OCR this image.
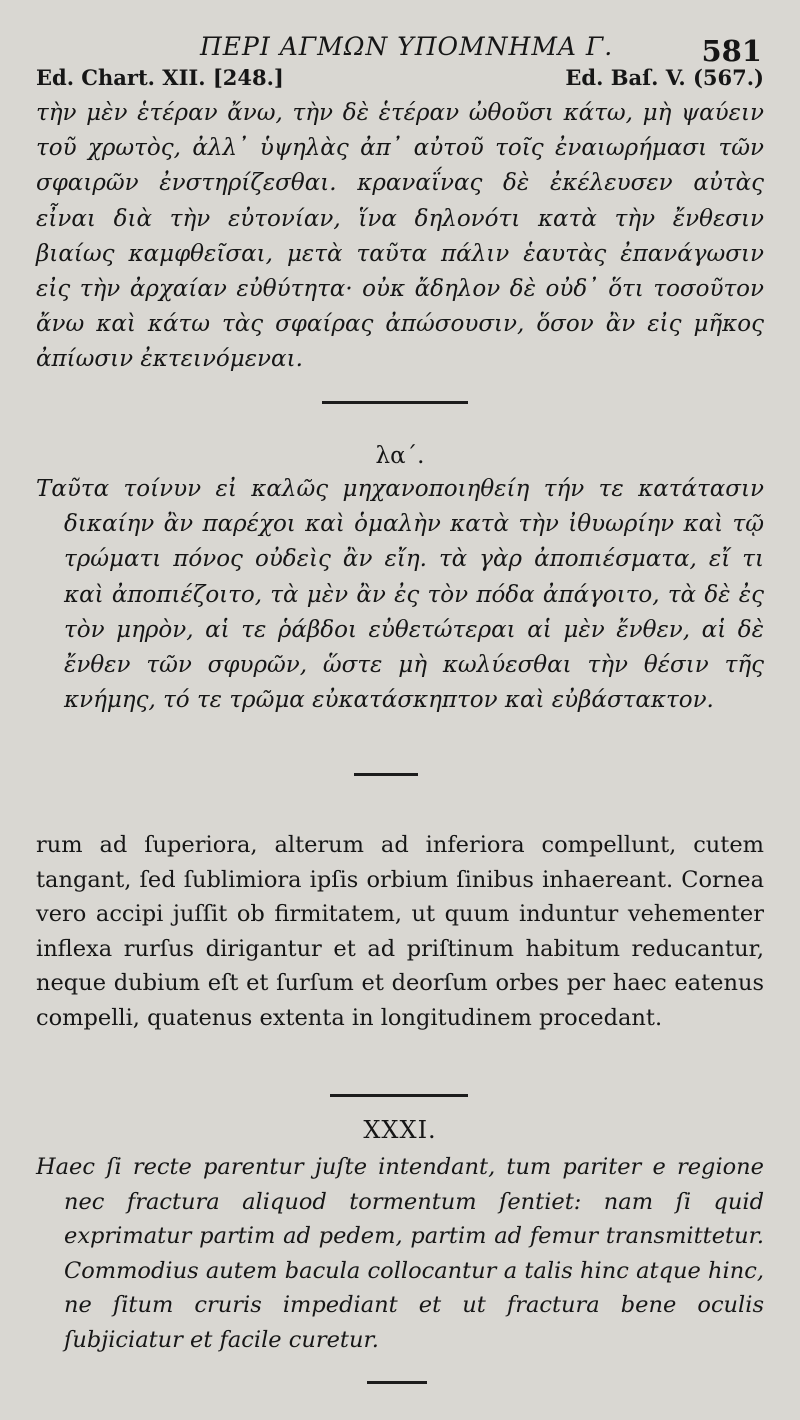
ΠΕΡΙ ΑΓΜΩΝ ΥΠΟΜΝΗΜΑ Γ.	581
Ed. Chart. XII. [248.]	Ed. Baſ. V. (567.)

τὴν μὲν ἑτέραν ἄνω, τὴν δὲ ἑτέραν ὠθοῦσι κάτω, μὴ ψαύειν τοῦ χρωτὸς, ἀλλ᾽ ὑψηλὰς ἀπ᾽ αὐτοῦ τοῖς ἐναιωρήμασι τῶν σφαιρῶν ἐνστηρίζεσθαι. κραναΐνας δὲ ἐκέλευσεν αὐτὰς εἶναι διὰ τὴν εὐτονίαν, ἵνα δηλονότι κατὰ τὴν ἔνθεσιν βιαίως καμφθεῖσαι, μετὰ ταῦτα πάλιν ἑαυτὰς ἐπανάγωσιν εἰς τὴν ἀρχαίαν εὐθύτητα· οὐκ ἄδηλον δὲ οὐδ᾽ ὅτι τοσοῦτον ἄνω καὶ κάτω τὰς σφαίρας ἀπώσουσιν, ὅσον ἂν εἰς μῆκος ἀπίωσιν ἐκτεινόμεναι.

λα΄.

Ταῦτα τοίνυν εἰ καλῶς μηχανοποιηθείη τήν τε κατάτασιν δικαίην ἂν παρέχοι καὶ ὁμαλὴν κατὰ τὴν ἰθυωρίην καὶ τῷ τρώματι πόνος οὐδεὶς ἂν εἴη. τὰ γὰρ ἀποπιέσματα, εἴ τι καὶ ἀποπιέζοιτο, τὰ μὲν ἂν ἐς τὸν πόδα ἀπάγοιτο, τὰ δὲ ἐς τὸν μηρὸν, αἱ τε ῥάβδοι εὐθετώτεραι αἱ μὲν ἔνθεν, αἱ δὲ ἔνθεν τῶν σφυρῶν, ὥστε μὴ κωλύεσθαι τὴν θέσιν τῆς κνήμης, τό τε τρῶμα εὐκατάσκηπτον καὶ εὐβάστακτον.

rum ad ſuperiora, alterum ad inferiora compellunt, cutem tangant, ſed ſublimiora ipſis orbium ſinibus inhaereant. Cornea vero accipi juſſit ob firmitatem, ut quum induntur vehementer inflexa rurſus dirigantur et ad priſtinum habitum reducantur, neque dubium eſt et ſurſum et deorſum orbes per haec eatenus compelli, quatenus extenta in longitudinem procedant.

XXXI.

Haec ſi recte parentur juſte intendant, tum pariter e regione nec fractura aliquod tormentum ſentiet: nam ſi quid exprimatur partim ad pedem, partim ad femur transmittetur. Commodius autem bacula collocantur a talis hinc atque hinc, ne ſitum cruris impediant et ut fractura bene oculis ſubjiciatur et facile curetur.
